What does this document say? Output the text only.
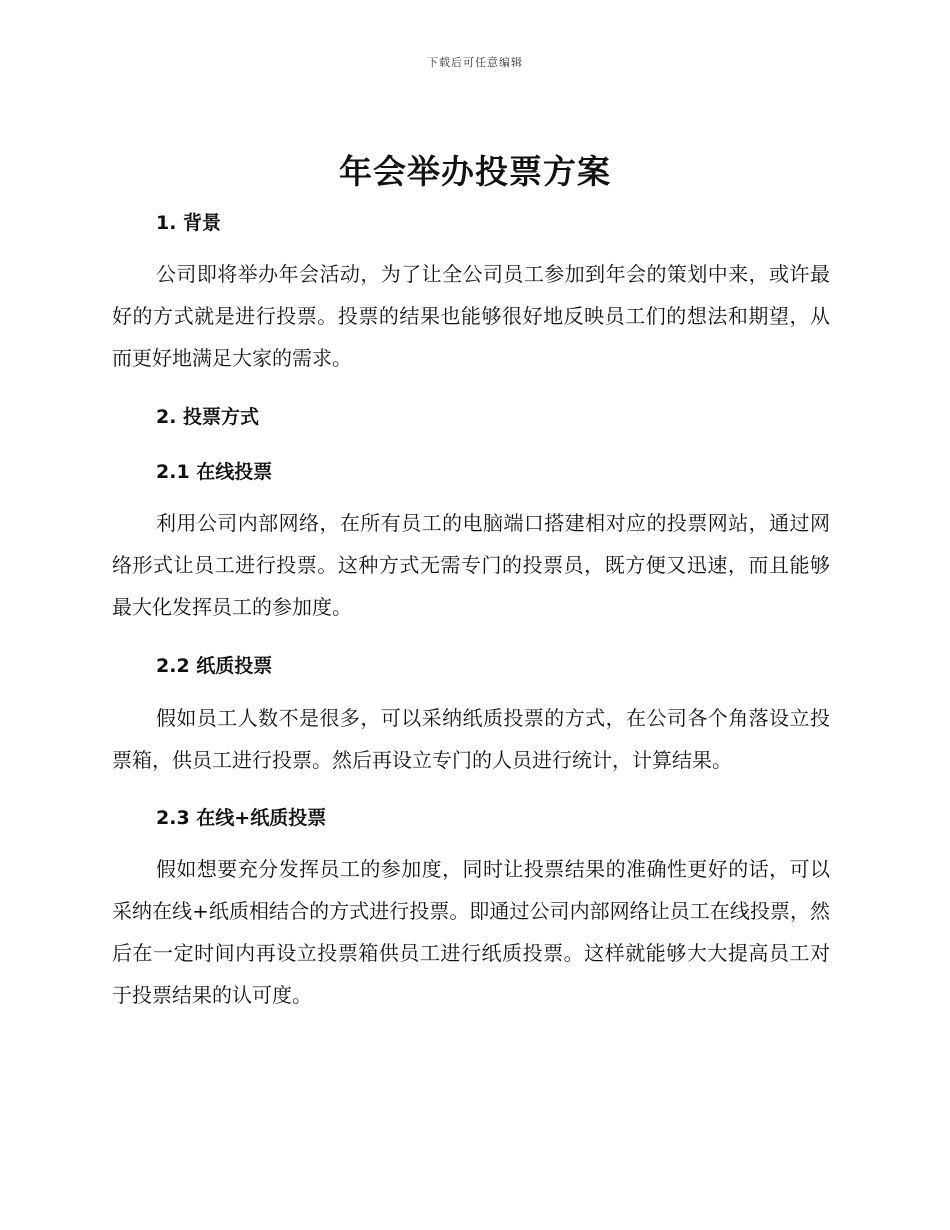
下载后可任意编辑
年会举办投票方案
1. 背景

公司即将举办年会活动，为了让全公司员工参加到年会的策划中来，或许最好的方式就是进行投票。投票的结果也能够很好地反映员工们的想法和期望，从而更好地满足大家的需求。

2. 投票方式
2.1 在线投票

利用公司内部网络，在所有员工的电脑端口搭建相对应的投票网站，通过网络形式让员工进行投票。这种方式无需专门的投票员，既方便又迅速，而且能够最大化发挥员工的参加度。

2.2 纸质投票

假如员工人数不是很多，可以采纳纸质投票的方式，在公司各个角落设立投票箱，供员工进行投票。然后再设立专门的人员进行统计，计算结果。

2.3 在线+纸质投票

假如想要充分发挥员工的参加度，同时让投票结果的准确性更好的话，可以采纳在线+纸质相结合的方式进行投票。即通过公司内部网络让员工在线投票，然后在一定时间内再设立投票箱供员工进行纸质投票。这样就能够大大提高员工对于投票结果的认可度。
